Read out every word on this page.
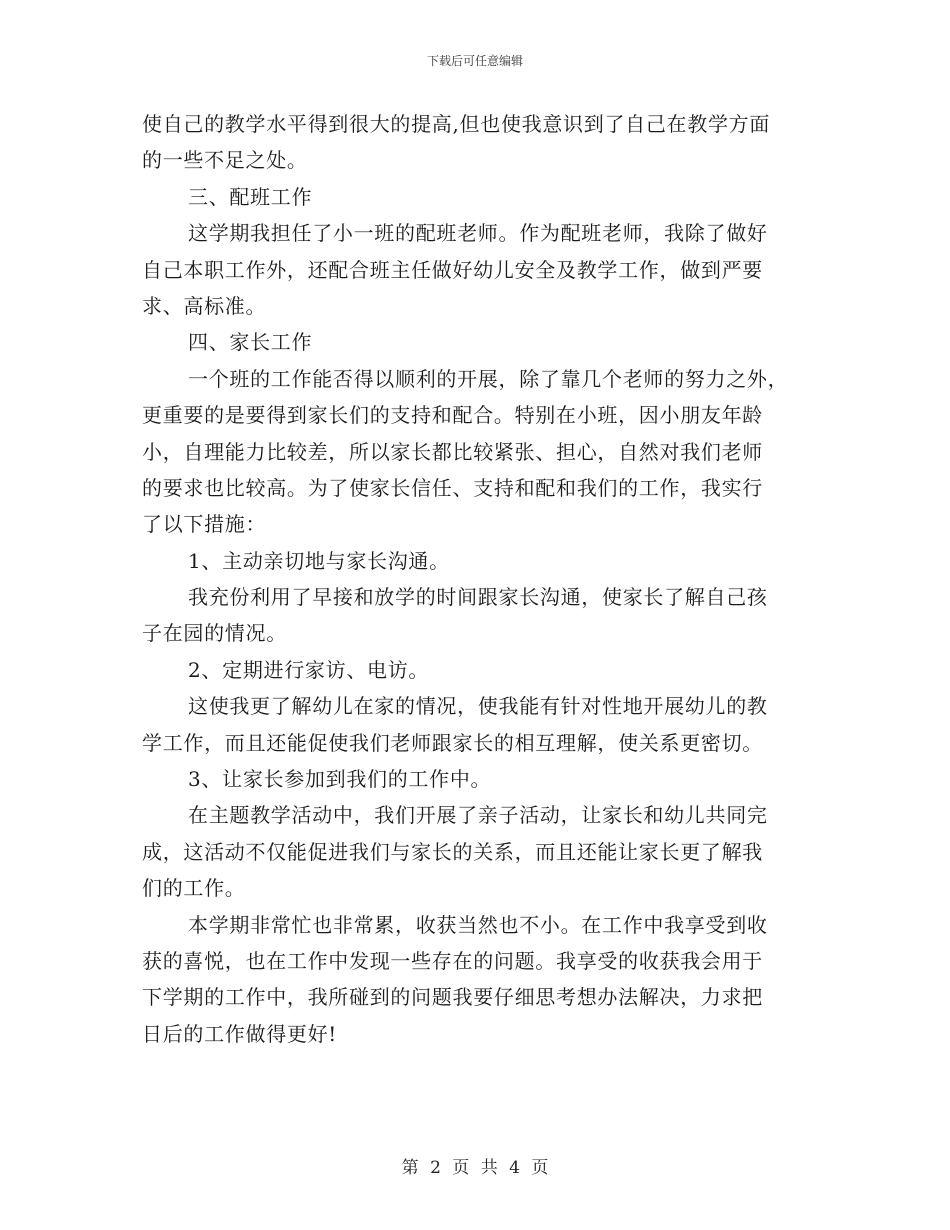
下载后可任意编辑
使自己的教学水平得到很大的提高,但也使我意识到了自己在教学方面
的一些不足之处。
三、配班工作
这学期我担任了小一班的配班老师。作为配班老师，我除了做好
自己本职工作外，还配合班主任做好幼儿安全及教学工作，做到严要
求、高标准。
四、家长工作
一个班的工作能否得以顺利的开展，除了靠几个老师的努力之外，
更重要的是要得到家长们的支持和配合。特别在小班，因小朋友年龄
小，自理能力比较差，所以家长都比较紧张、担心，自然对我们老师
的要求也比较高。为了使家长信任、支持和配和我们的工作，我实行
了以下措施：
1、主动亲切地与家长沟通。
我充份利用了早接和放学的时间跟家长沟通，使家长了解自己孩
子在园的情况。
2、定期进行家访、电访。
这使我更了解幼儿在家的情况，使我能有针对性地开展幼儿的教
学工作，而且还能促使我们老师跟家长的相互理解，使关系更密切。
3、让家长参加到我们的工作中。
在主题教学活动中，我们开展了亲子活动，让家长和幼儿共同完
成，这活动不仅能促进我们与家长的关系，而且还能让家长更了解我
们的工作。
本学期非常忙也非常累，收获当然也不小。在工作中我享受到收
获的喜悦，也在工作中发现一些存在的问题。我享受的收获我会用于
下学期的工作中，我所碰到的问题我要仔细思考想办法解决，力求把
日后的工作做得更好!
第 2 页 共 4 页
